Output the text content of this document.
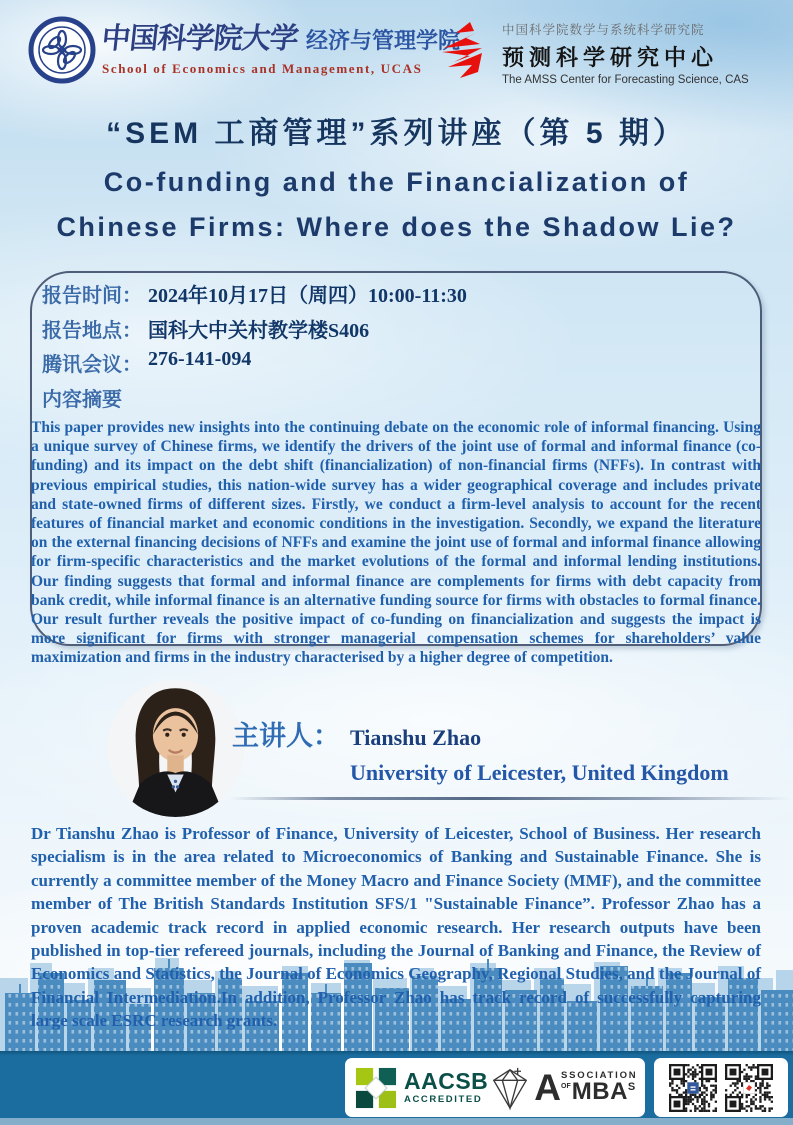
中国科学院大学 经济与管理学院
School of Economics and Management, UCAS
中国科学院数学与系统科学研究院
预测科学研究中心
The AMSS Center for Forecasting Science, CAS
“SEM 工商管理”系列讲座（第 5 期）
Co-funding and the Financialization of
Chinese Firms: Where does the Shadow Lie?
报告时间： 2024年10月17日（周四）10:00-11:30
报告地点： 国科大中关村教学楼S406
腾讯会议： 276-141-094
内容摘要
This paper provides new insights into the continuing debate on the economic role of informal financing. Using a unique survey of Chinese firms, we identify the drivers of the joint use of formal and informal finance (co-funding) and its impact on the debt shift (financialization) of non-financial firms (NFFs). In contrast with previous empirical studies, this nation-wide survey has a wider geographical coverage and includes private and state-owned firms of different sizes. Firstly, we conduct a firm-level analysis to account for the recent features of financial market and economic conditions in the investigation. Secondly, we expand the literature on the external financing decisions of NFFs and examine the joint use of formal and informal finance allowing for firm-specific characteristics and the market evolutions of the formal and informal lending institutions. Our finding suggests that formal and informal finance are complements for firms with debt capacity from bank credit, while informal finance is an alternative funding source for firms with obstacles to formal finance. Our result further reveals the positive impact of co-funding on financialization and suggests the impact is more significant for firms with stronger managerial compensation schemes for shareholders’ value maximization and firms in the industry characterised by a higher degree of competition.
主讲人： Tianshu Zhao
University of Leicester, United Kingdom
Dr Tianshu Zhao is Professor of Finance, University of Leicester, School of Business. Her research specialism is in the area related to Microeconomics of Banking and Sustainable Finance. She is currently a committee member of the Money Macro and Finance Society (MMF), and the committee member of The British Standards Institution SFS/1 "Sustainable Finance”. Professor Zhao has a proven academic track record in applied economic research. Her research outputs have been published in top-tier refereed journals, including the Journal of Banking and Finance, the Review of Economics and Statistics, the Journal of Economics Geography, Regional Studies, and the Journal of Financial Intermediation.In addition, Professor Zhao has track record of successfully capturing large scale ESRC research grants.
AACSB
ACCREDITED A SSOCIATION
OF MBA S
